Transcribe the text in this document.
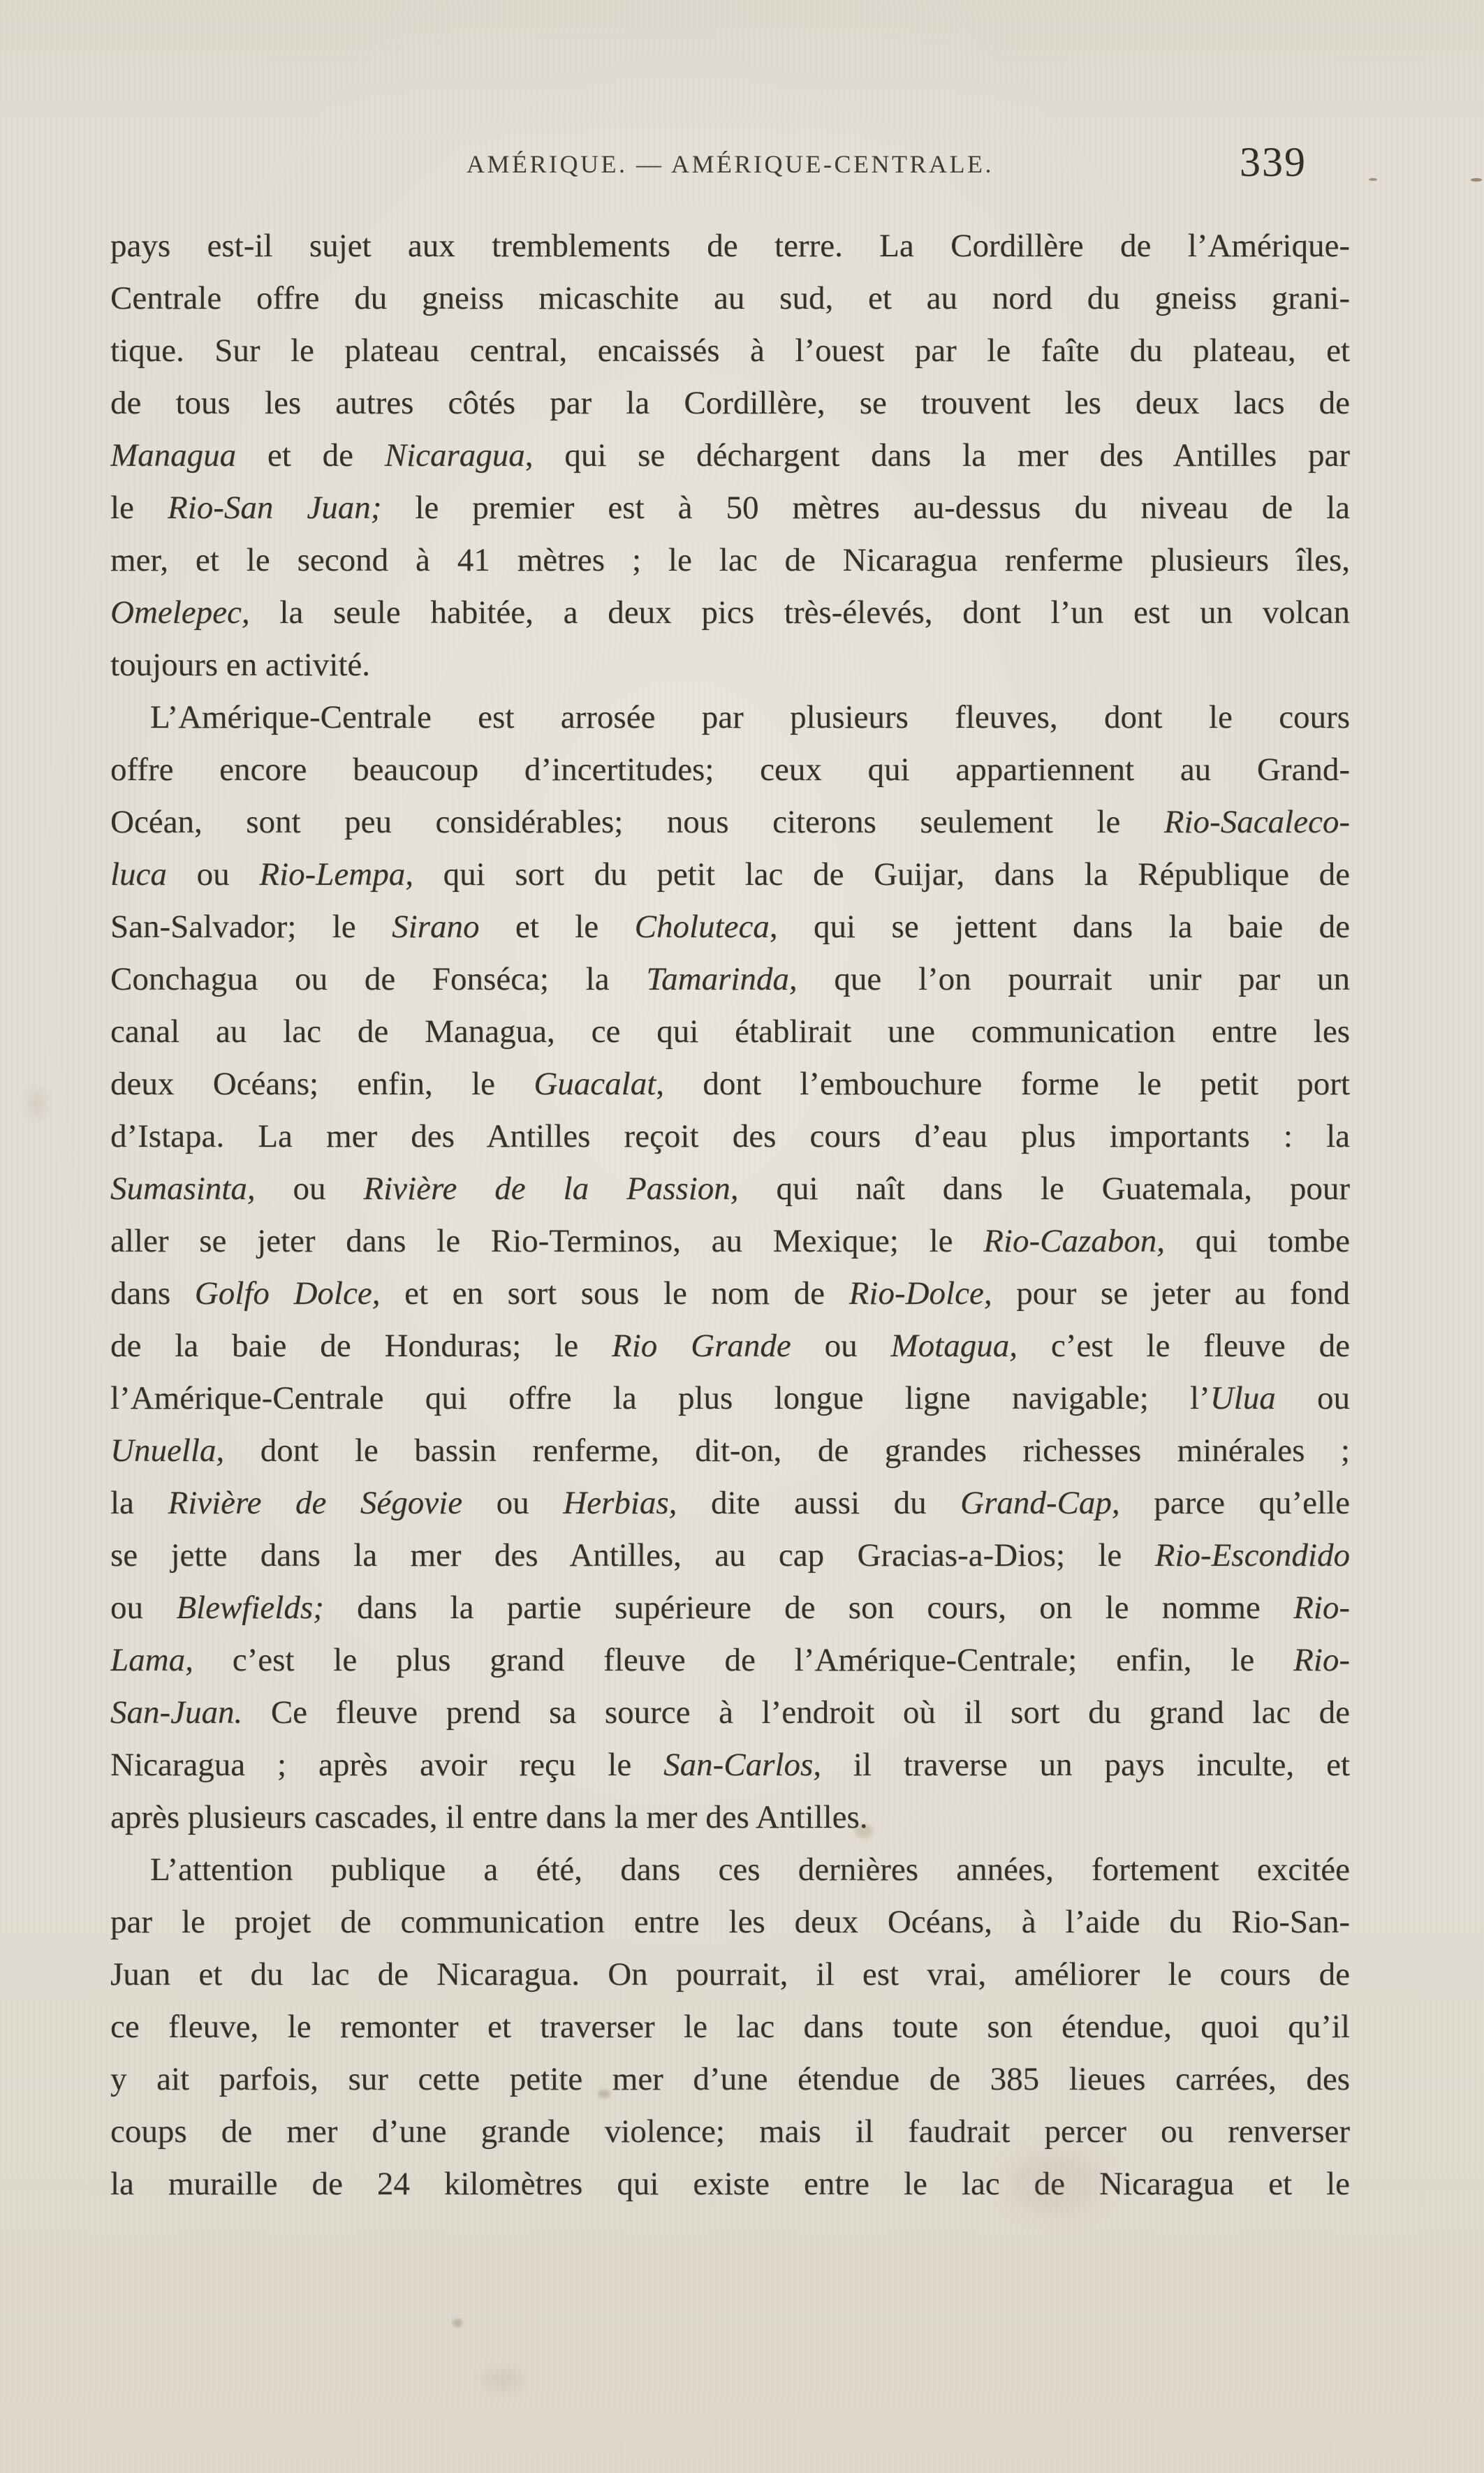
AMÉRIQUE. — AMÉRIQUE-CENTRALE.	339
pays est-il sujet aux tremblements de terre. La Cordillère de l’Amérique-
Centrale offre du gneiss micaschite au sud, et au nord du gneiss grani-
tique. Sur le plateau central, encaissés à l’ouest par le faîte du plateau, et
de tous les autres côtés par la Cordillère, se trouvent les deux lacs de
Managua et de Nicaragua, qui se déchargent dans la mer des Antilles par
le Rio-San Juan; le premier est à 50 mètres au-dessus du niveau de la
mer, et le second à 41 mètres ; le lac de Nicaragua renferme plusieurs îles,
Omelepec, la seule habitée, a deux pics très-élevés, dont l’un est un volcan
toujours en activité.
L’Amérique-Centrale est arrosée par plusieurs fleuves, dont le cours
offre encore beaucoup d’incertitudes; ceux qui appartiennent au Grand-
Océan, sont peu considérables; nous citerons seulement le Rio-Sacaleco-
luca ou Rio-Lempa, qui sort du petit lac de Guijar, dans la République de
San-Salvador; le Sirano et le Choluteca, qui se jettent dans la baie de
Conchagua ou de Fonséca; la Tamarinda, que l’on pourrait unir par un
canal au lac de Managua, ce qui établirait une communication entre les
deux Océans; enfin, le Guacalat, dont l’embouchure forme le petit port
d’Istapa. La mer des Antilles reçoit des cours d’eau plus importants : la
Sumasinta, ou Rivière de la Passion, qui naît dans le Guatemala, pour
aller se jeter dans le Rio-Terminos, au Mexique; le Rio-Cazabon, qui tombe
dans Golfo Dolce, et en sort sous le nom de Rio-Dolce, pour se jeter au fond
de la baie de Honduras; le Rio Grande ou Motagua, c’est le fleuve de
l’Amérique-Centrale qui offre la plus longue ligne navigable; l’Ulua ou
Unuella, dont le bassin renferme, dit-on, de grandes richesses minérales ;
la Rivière de Ségovie ou Herbias, dite aussi du Grand-Cap, parce qu’elle
se jette dans la mer des Antilles, au cap Gracias-a-Dios; le Rio-Escondido
ou Blewfields; dans la partie supérieure de son cours, on le nomme Rio-
Lama, c’est le plus grand fleuve de l’Amérique-Centrale; enfin, le Rio-
San-Juan. Ce fleuve prend sa source à l’endroit où il sort du grand lac de
Nicaragua ; après avoir reçu le San-Carlos, il traverse un pays inculte, et
après plusieurs cascades, il entre dans la mer des Antilles.
L’attention publique a été, dans ces dernières années, fortement excitée
par le projet de communication entre les deux Océans, à l’aide du Rio-San-
Juan et du lac de Nicaragua. On pourrait, il est vrai, améliorer le cours de
ce fleuve, le remonter et traverser le lac dans toute son étendue, quoi qu’il
y ait parfois, sur cette petite mer d’une étendue de 385 lieues carrées, des
coups de mer d’une grande violence; mais il faudrait percer ou renverser
la muraille de 24 kilomètres qui existe entre le lac de Nicaragua et le
